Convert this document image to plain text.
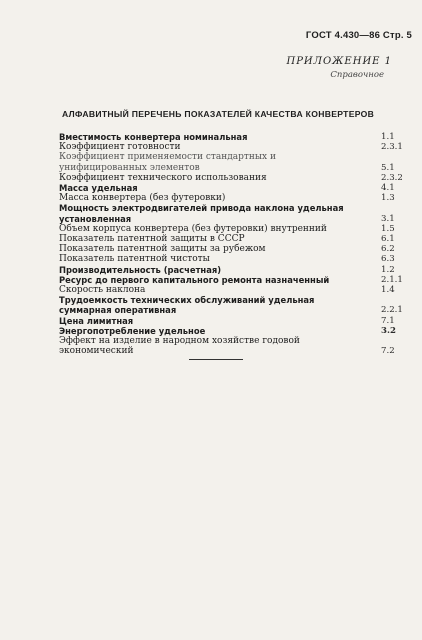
ГОСТ 4.430—86 Стр. 5
ПРИЛОЖЕНИЕ 1
Справочное
АЛФАВИТНЫЙ ПЕРЕЧЕНЬ ПОКАЗАТЕЛЕЙ КАЧЕСТВА КОНВЕРТЕРОВ
Вместимость конвертера номинальная	1.1
Коэффициент готовности	2.3.1
Коэффициент применяемости стандартных и унифицированных элементов	5.1
Коэффициент технического использования	2.3.2
Масса удельная	4.1
Масса конвертера (без футеровки)	1.3
Мощность электродвигателей привода наклона удельная установленная	3.1
Объем корпуса конвертера (без футеровки) внутренний	1.5
Показатель патентной защиты в СССР	6.1
Показатель патентной защиты за рубежом	6.2
Показатель патентной чистоты	6.3
Производительность (расчетная)	1.2
Ресурс до первого капитального ремонта назначенный	2.1.1
Скорость наклона	1.4
Трудоемкость технических обслуживаний удельная суммарная оперативная	2.2.1
Цена лимитная	7.1
Энергопотребление удельное	3.2
Эффект на изделие в народном хозяйстве годовой экономический	7.2
